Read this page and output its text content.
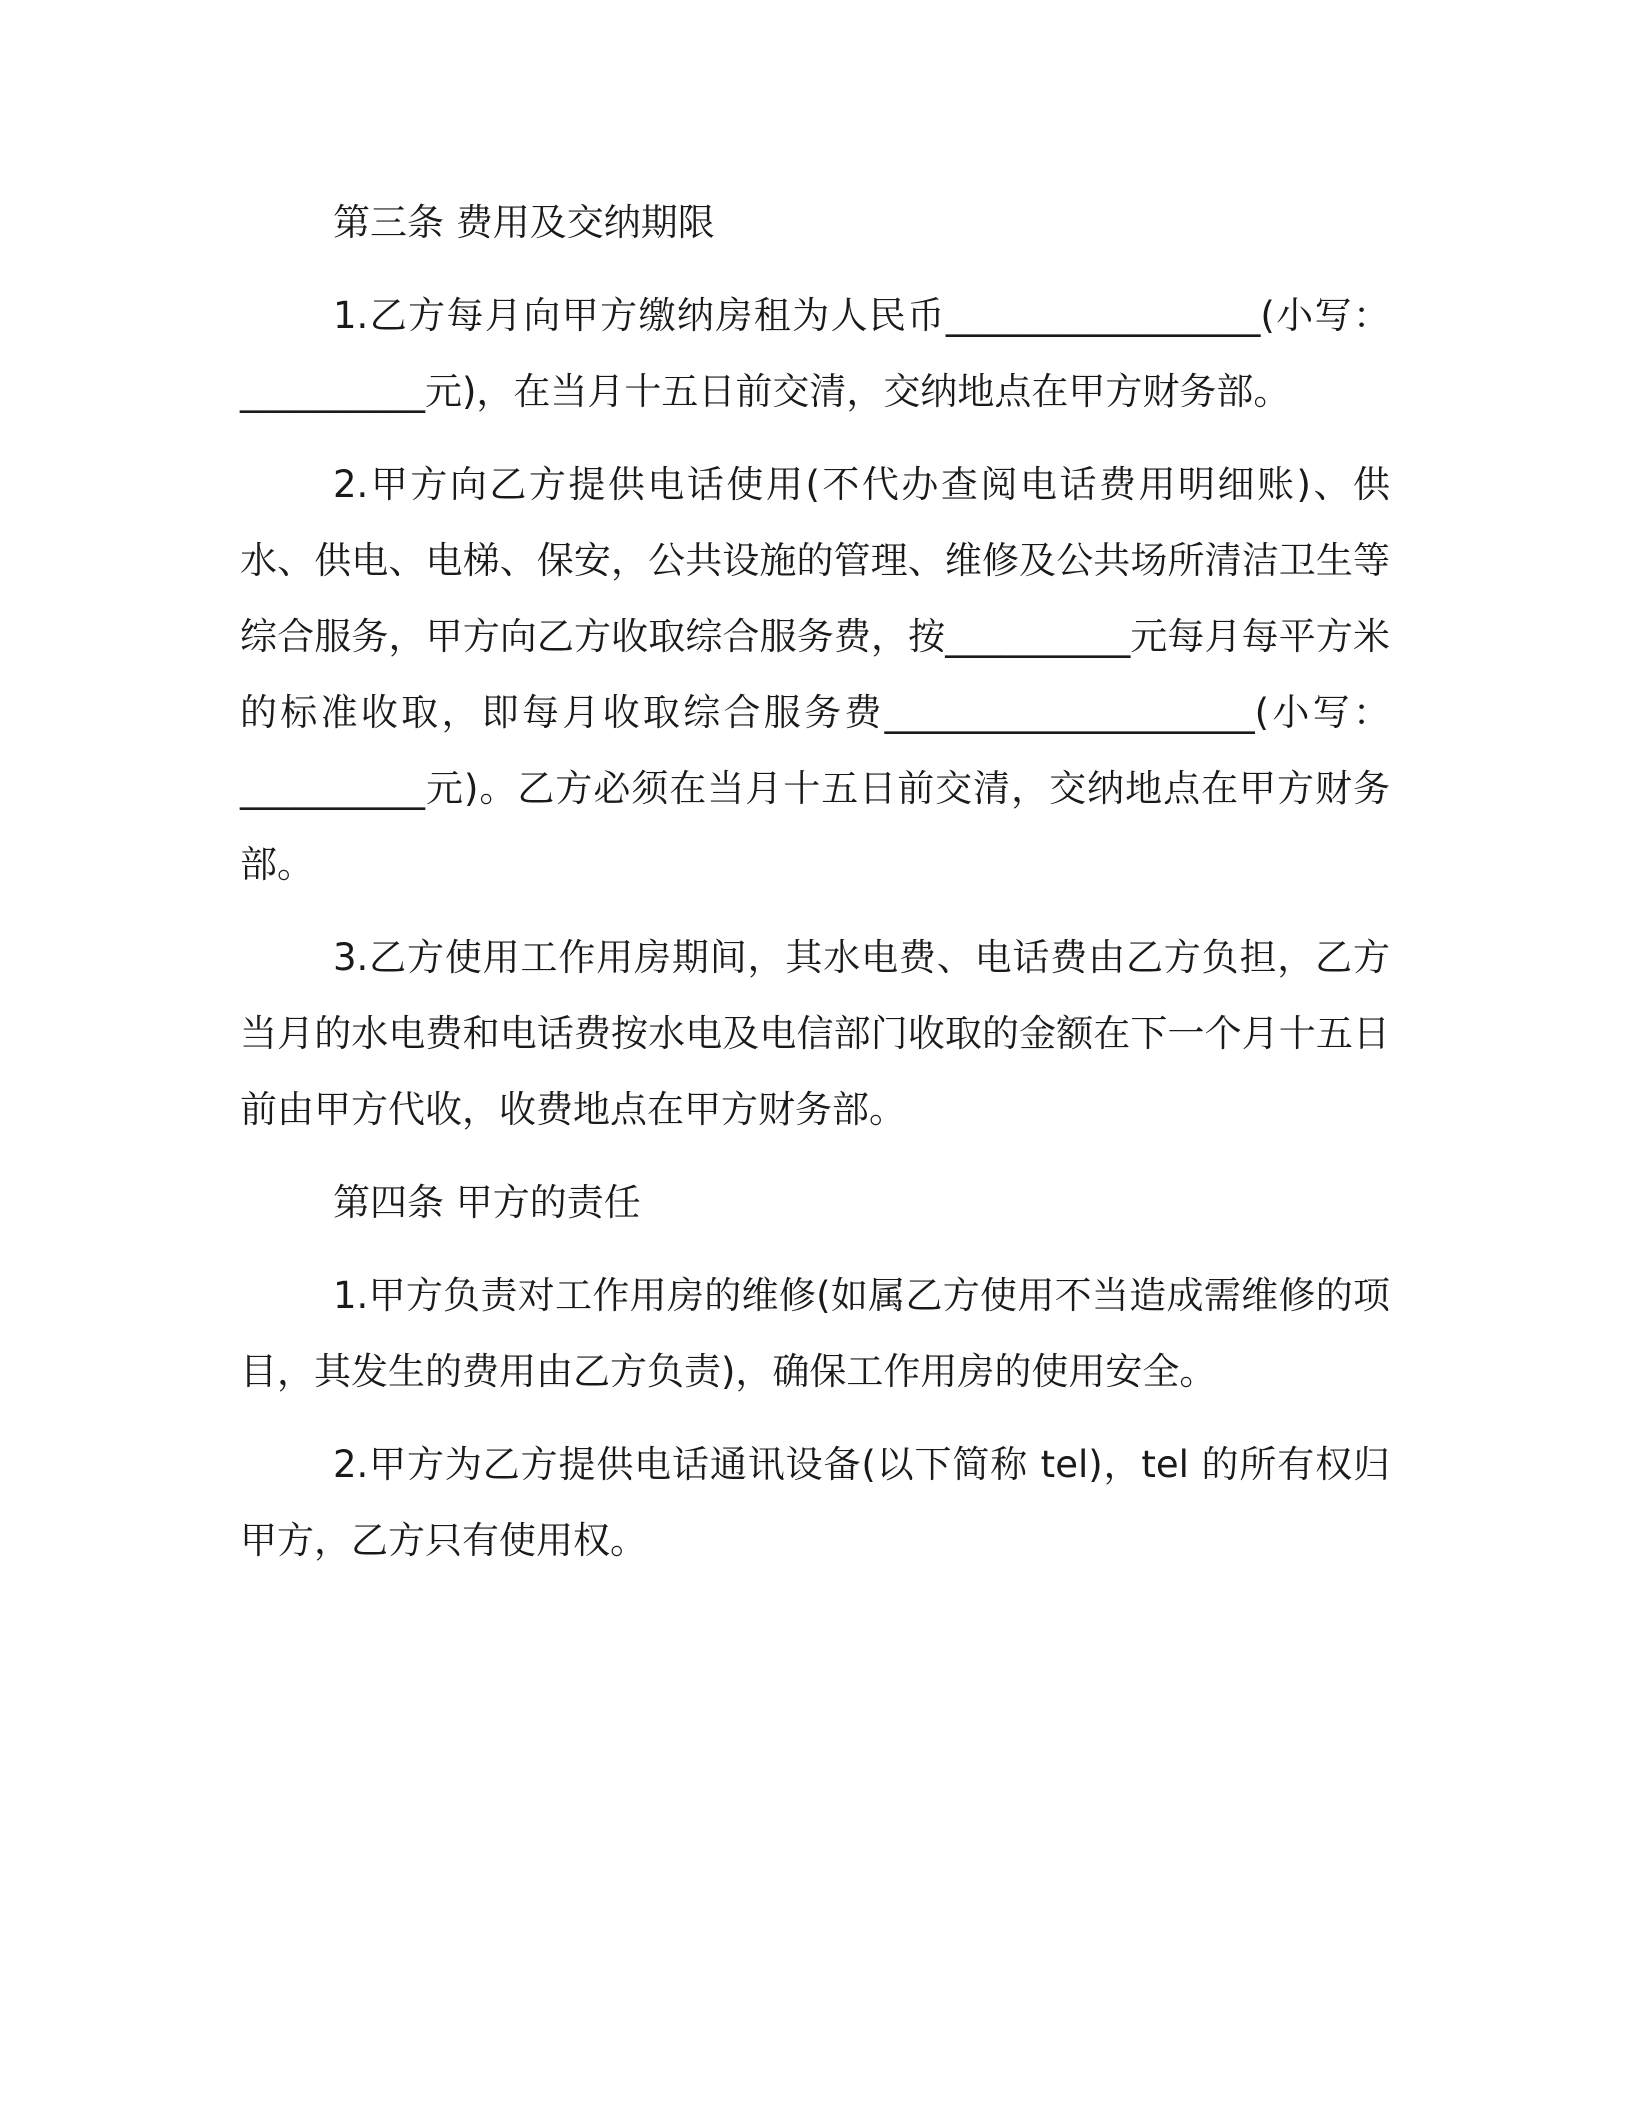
第三条 费用及交纳期限

1.乙方每月向甲方缴纳房租为人民币_________________(小写：__________元)，在当月十五日前交清，交纳地点在甲方财务部。

2.甲方向乙方提供电话使用(不代办查阅电话费用明细账)、供水、供电、电梯、保安，公共设施的管理、维修及公共场所清洁卫生等综合服务，甲方向乙方收取综合服务费，按__________元每月每平方米的标准收取，即每月收取综合服务费____________________(小写：__________元)。乙方必须在当月十五日前交清，交纳地点在甲方财务部。

3.乙方使用工作用房期间，其水电费、电话费由乙方负担，乙方当月的水电费和电话费按水电及电信部门收取的金额在下一个月十五日前由甲方代收，收费地点在甲方财务部。

第四条 甲方的责任

1.甲方负责对工作用房的维修(如属乙方使用不当造成需维修的项目，其发生的费用由乙方负责)，确保工作用房的使用安全。

2.甲方为乙方提供电话通讯设备(以下简称 tel)，tel 的所有权归甲方，乙方只有使用权。
